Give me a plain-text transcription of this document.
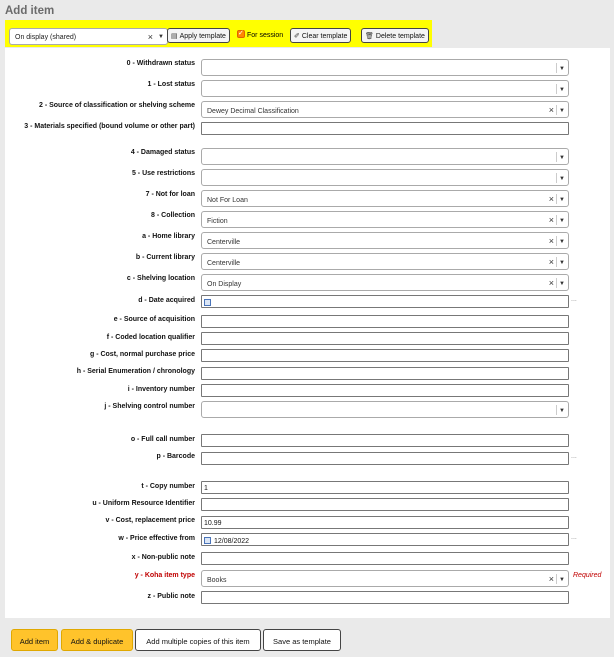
Add item
On display (shared)	× ▼	▤ Apply template ✓	For session	✐ Clear template	🗑 Delete template
0 - Withdrawn status
▼
1 - Lost status
▼
2 - Source of classification or shelving scheme
Dewey Decimal Classification	× ▼
3 - Materials specified (bound volume or other part)
4 - Damaged status
▼
5 - Use restrictions
▼
7 - Not for loan
Not For Loan	× ▼
8 - Collection
Fiction	× ▼
a - Home library
Centerville	× ▼
b - Current library
Centerville	× ▼
c - Shelving location
On Display	× ▼
d - Date acquired	...
e - Source of acquisition
f - Coded location qualifier
g - Cost, normal purchase price
h - Serial Enumeration / chronology
i - Inventory number
j - Shelving control number
▼
o - Full call number
p - Barcode	...
t - Copy number	1
u - Uniform Resource Identifier
v - Cost, replacement price	10.99
w - Price effective from	12/08/2022
...
x - Non-public note
y - Koha item type
Books	× ▼
Required
z - Public note
Add item	Add & duplicate	Add multiple copies of this item	Save as template
